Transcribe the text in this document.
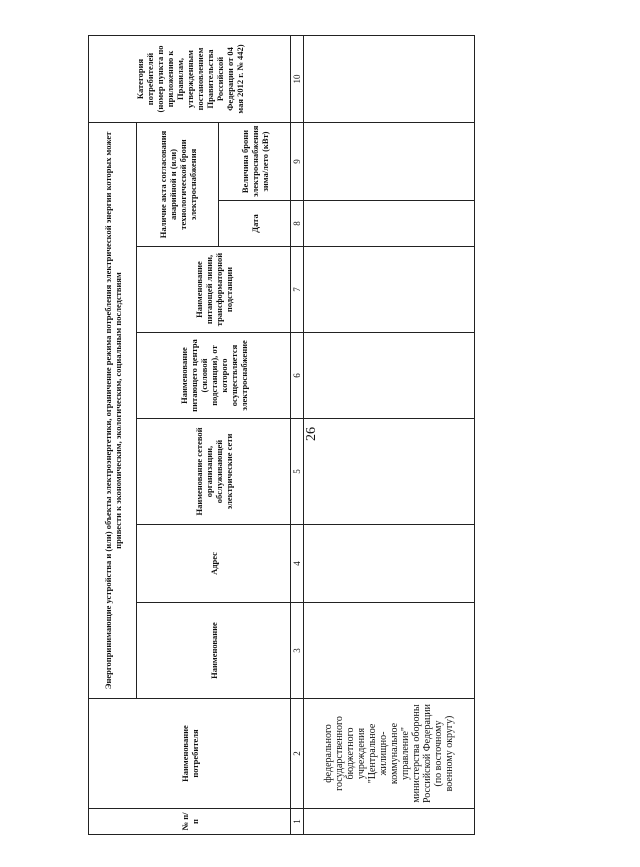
26
№ п/п	Наименование потребителя	Энергопринимающие устройства и (или) объекты электроэнергетики, ограничение режима потребления электрической энергии которых может привести к экономическим, экологическим, социальным последствиям							Категория потребителей (номер пункта по приложению к Правилам, утвержденным постановлением Правительства Российской Федерации от 04 мая 2012 г. № 442)
		Наименование	Адрес	Наименование сетевой организации, обслуживающей электрические сети	Наименование питающего центра (силовой подстанции), от которого осуществляется электроснабжение	Наименование питающей линии, трансформаторной подстанции	Наличие акта согласования аварийной и (или) технологической брони электроснабжения		
							Дата	Величина брони электроснабжения зима/лето (кВт)	
1	2	3	4	5	6	7	8	9	10
	федерального государственного бюджетного учреждения "Центральное жилищно-коммунальное управление" министерства обороны Российской Федерации (по восточному военному округу)								
